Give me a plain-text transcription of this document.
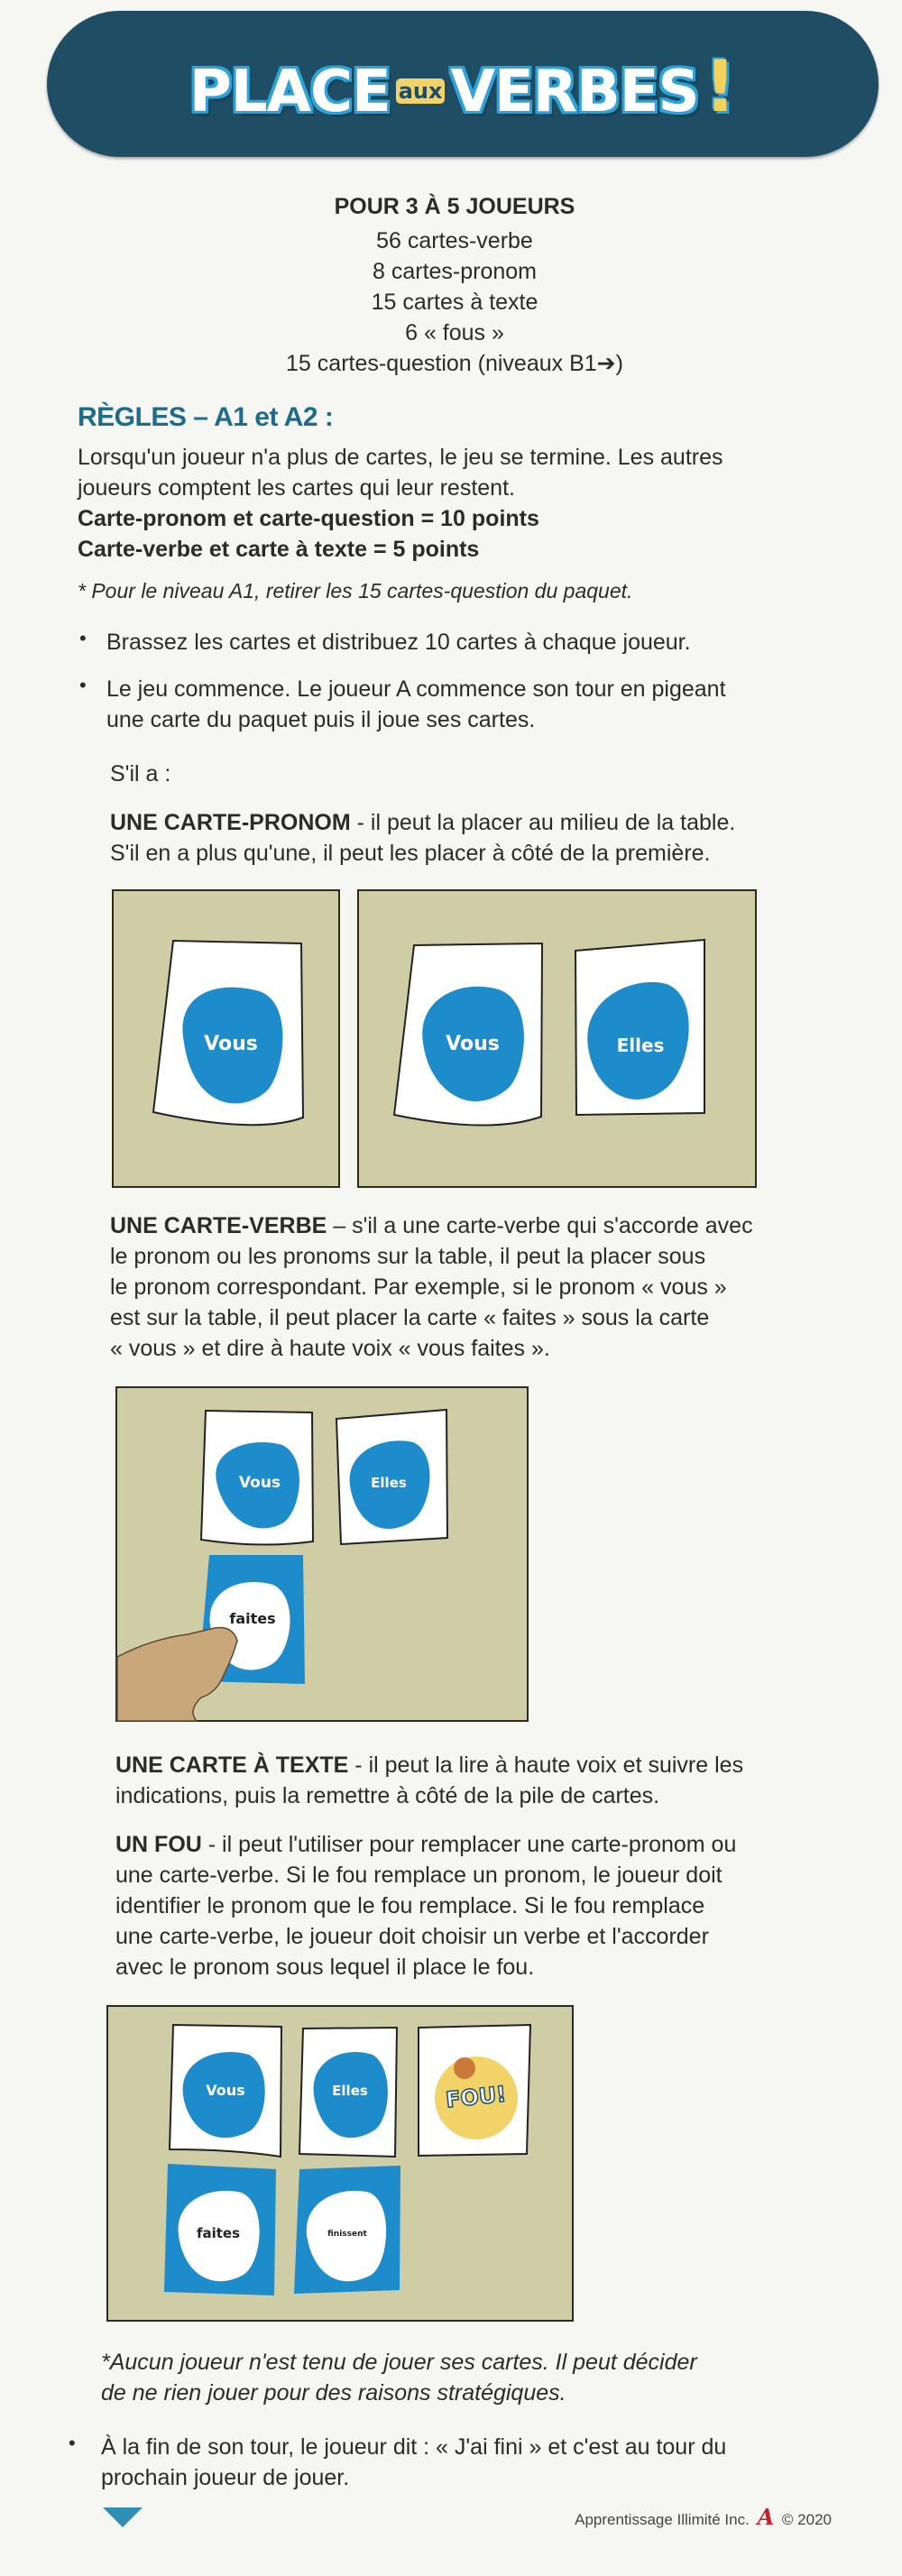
PLACE aux VERBES!
POUR 3 À 5 JOUEURS
56 cartes-verbe
8 cartes-pronom
15 cartes à texte
6 « fous »
15 cartes-question (niveaux B1➔)
RÈGLES – A1 et A2 :
Lorsqu'un joueur n'a plus de cartes, le jeu se termine. Les autres
joueurs comptent les cartes qui leur restent.
Carte-pronom et carte-question = 10 points
Carte-verbe et carte à texte = 5 points
* Pour le niveau A1, retirer les 15 cartes-question du paquet.
• Brassez les cartes et distribuez 10 cartes à chaque joueur.
• Le jeu commence. Le joueur A commence son tour en pigeant
une carte du paquet puis il joue ses cartes.
S'il a :
UNE CARTE-PRONOM - il peut la placer au milieu de la table.
S'il en a plus qu'une, il peut les placer à côté de la première.
Vous	Vous	Elles
UNE CARTE-VERBE – s'il a une carte-verbe qui s'accorde avec
le pronom ou les pronoms sur la table, il peut la placer sous
le pronom correspondant. Par exemple, si le pronom « vous »
est sur la table, il peut placer la carte « faites » sous la carte
« vous » et dire à haute voix « vous faites ».
Vous	Elles
faites
UNE CARTE À TEXTE - il peut la lire à haute voix et suivre les
indications, puis la remettre à côté de la pile de cartes.
UN FOU - il peut l'utiliser pour remplacer une carte-pronom ou
une carte-verbe. Si le fou remplace un pronom, le joueur doit
identifier le pronom que le fou remplace. Si le fou remplace
une carte-verbe, le joueur doit choisir un verbe et l'accorder
avec le pronom sous lequel il place le fou.
Vous	Elles	FOU!
faites	finissent
*Aucun joueur n'est tenu de jouer ses cartes. Il peut décider
de ne rien jouer pour des raisons stratégiques.
• À la fin de son tour, le joueur dit : « J'ai fini » et c'est au tour du
prochain joueur de jouer.
Apprentissage Illimité Inc. A © 2020
